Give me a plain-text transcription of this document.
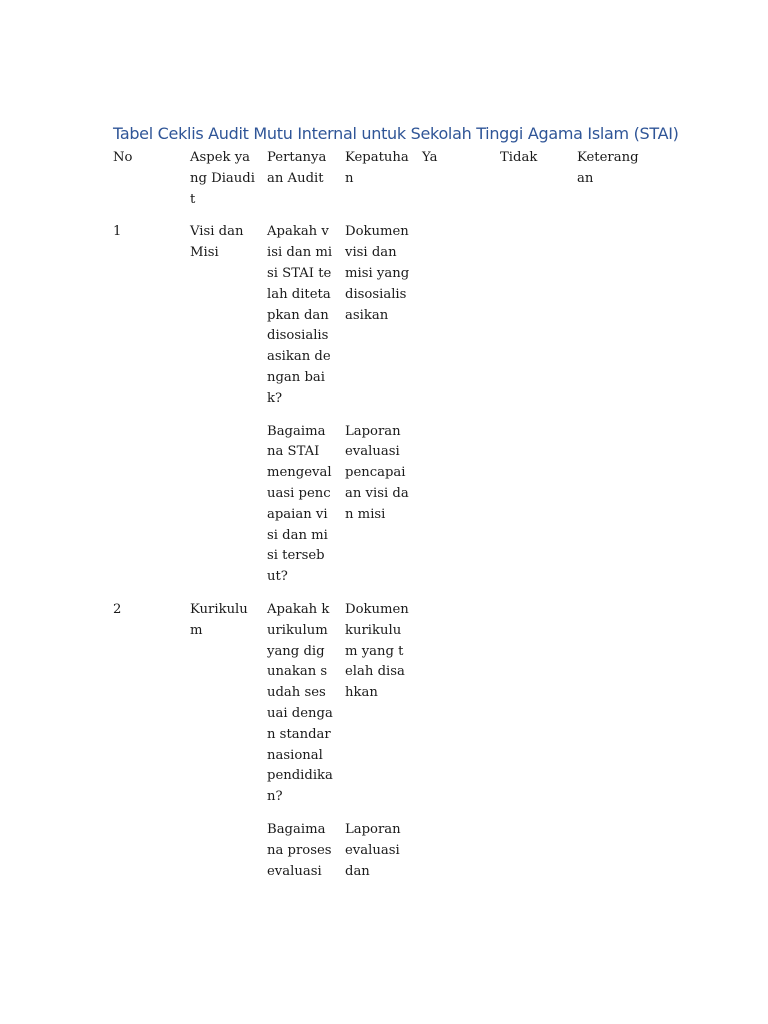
Tabel Ceklis Audit Mutu Internal untuk Sekolah Tinggi Agama Islam (STAI)
No	Aspek yang Diaudit	Pertanyaan Audit	Kepatuhan	Ya	Tidak	Keterangan

1	Visi dan Misi	Apakah visi dan misi STAI telah ditetapkan dan disosialisasikan dengan baik?	Dokumen visi dan misi yang disosialisasikan			

		Bagaimana STAI mengevaluasi pencapaian visi dan misi tersebut?	Laporan evaluasi pencapaian visi dan misi			

2	Kurikulum	Apakah kurikulum yang digunakan sudah sesuai dengan standar nasional pendidikan?	Dokumen kurikulum yang telah disahkan			

		Bagaimana proses evaluasi	Laporan evaluasi dan			
